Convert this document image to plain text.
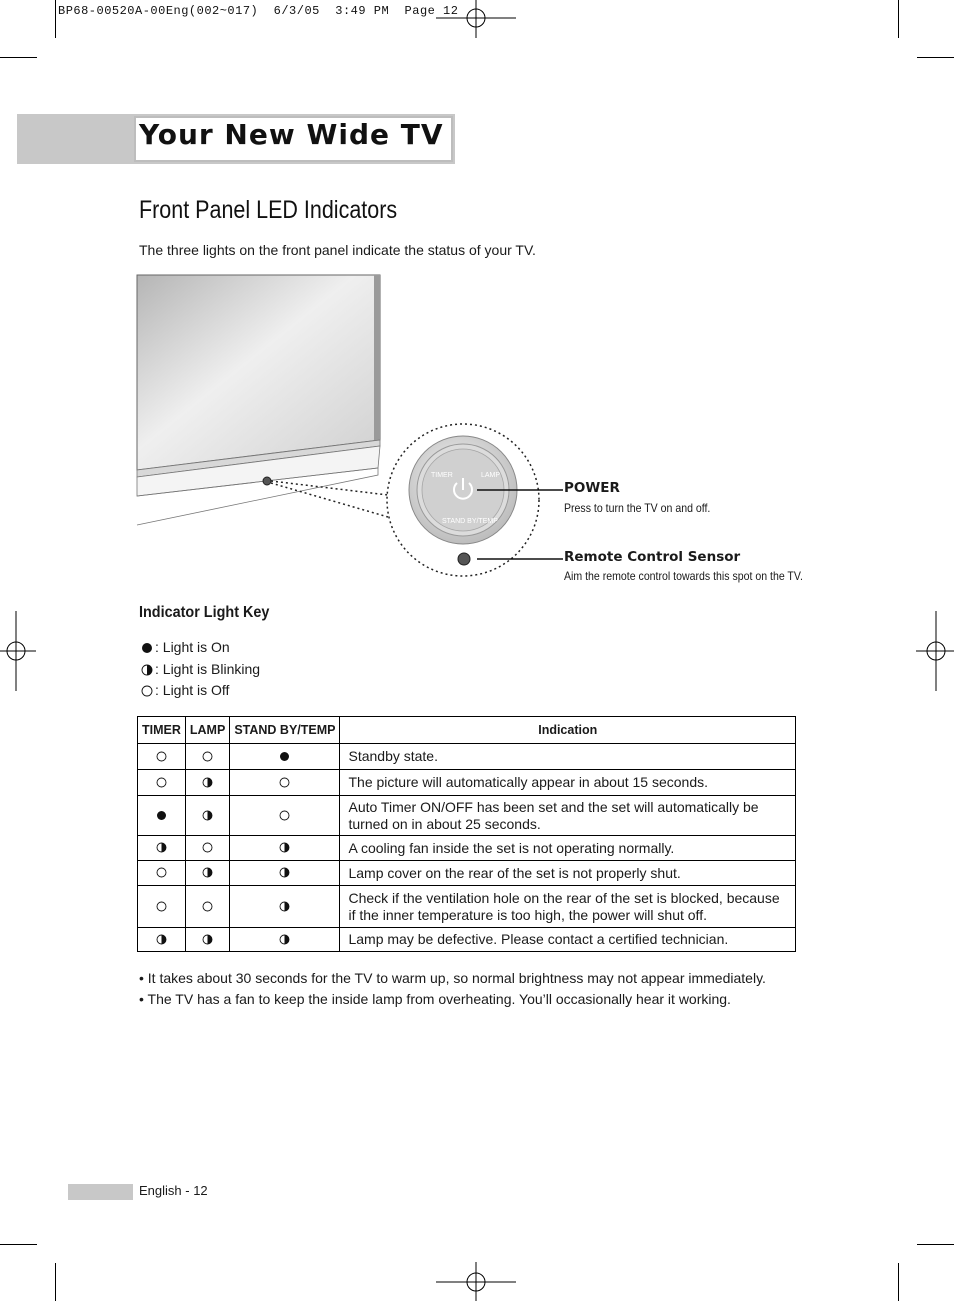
BP68-00520A-00Eng(002~017)  6/3/05  3:49 PM  Page 12
Your New Wide TV
Front Panel LED Indicators
The three lights on the front panel indicate the status of your TV.
TIMER	LAMP
STAND BY/TEMP
POWER
Press to turn the TV on and off.
Remote Control Sensor
Aim the remote control towards this spot on the TV.
Indicator Light Key
: Light is On
: Light is Blinking
: Light is Off
TIMER	LAMP	STAND BY/TEMP	Indication
			Standby state.
			The picture will automatically appear in about 15 seconds.
			Auto Timer ON/OFF has been set and the set will automatically be turned on in about 25 seconds.
			A cooling fan inside the set is not operating normally.
			Lamp cover on the rear of the set is not properly shut.
			Check if the ventilation hole on the rear of the set is blocked, because if the inner temperature is too high, the power will shut off.
			Lamp may be defective. Please contact a certified technician.
• It takes about 30 seconds for the TV to warm up, so normal brightness may not appear immediately.
• The TV has a fan to keep the inside lamp from overheating. You’ll occasionally hear it working.
English - 12
